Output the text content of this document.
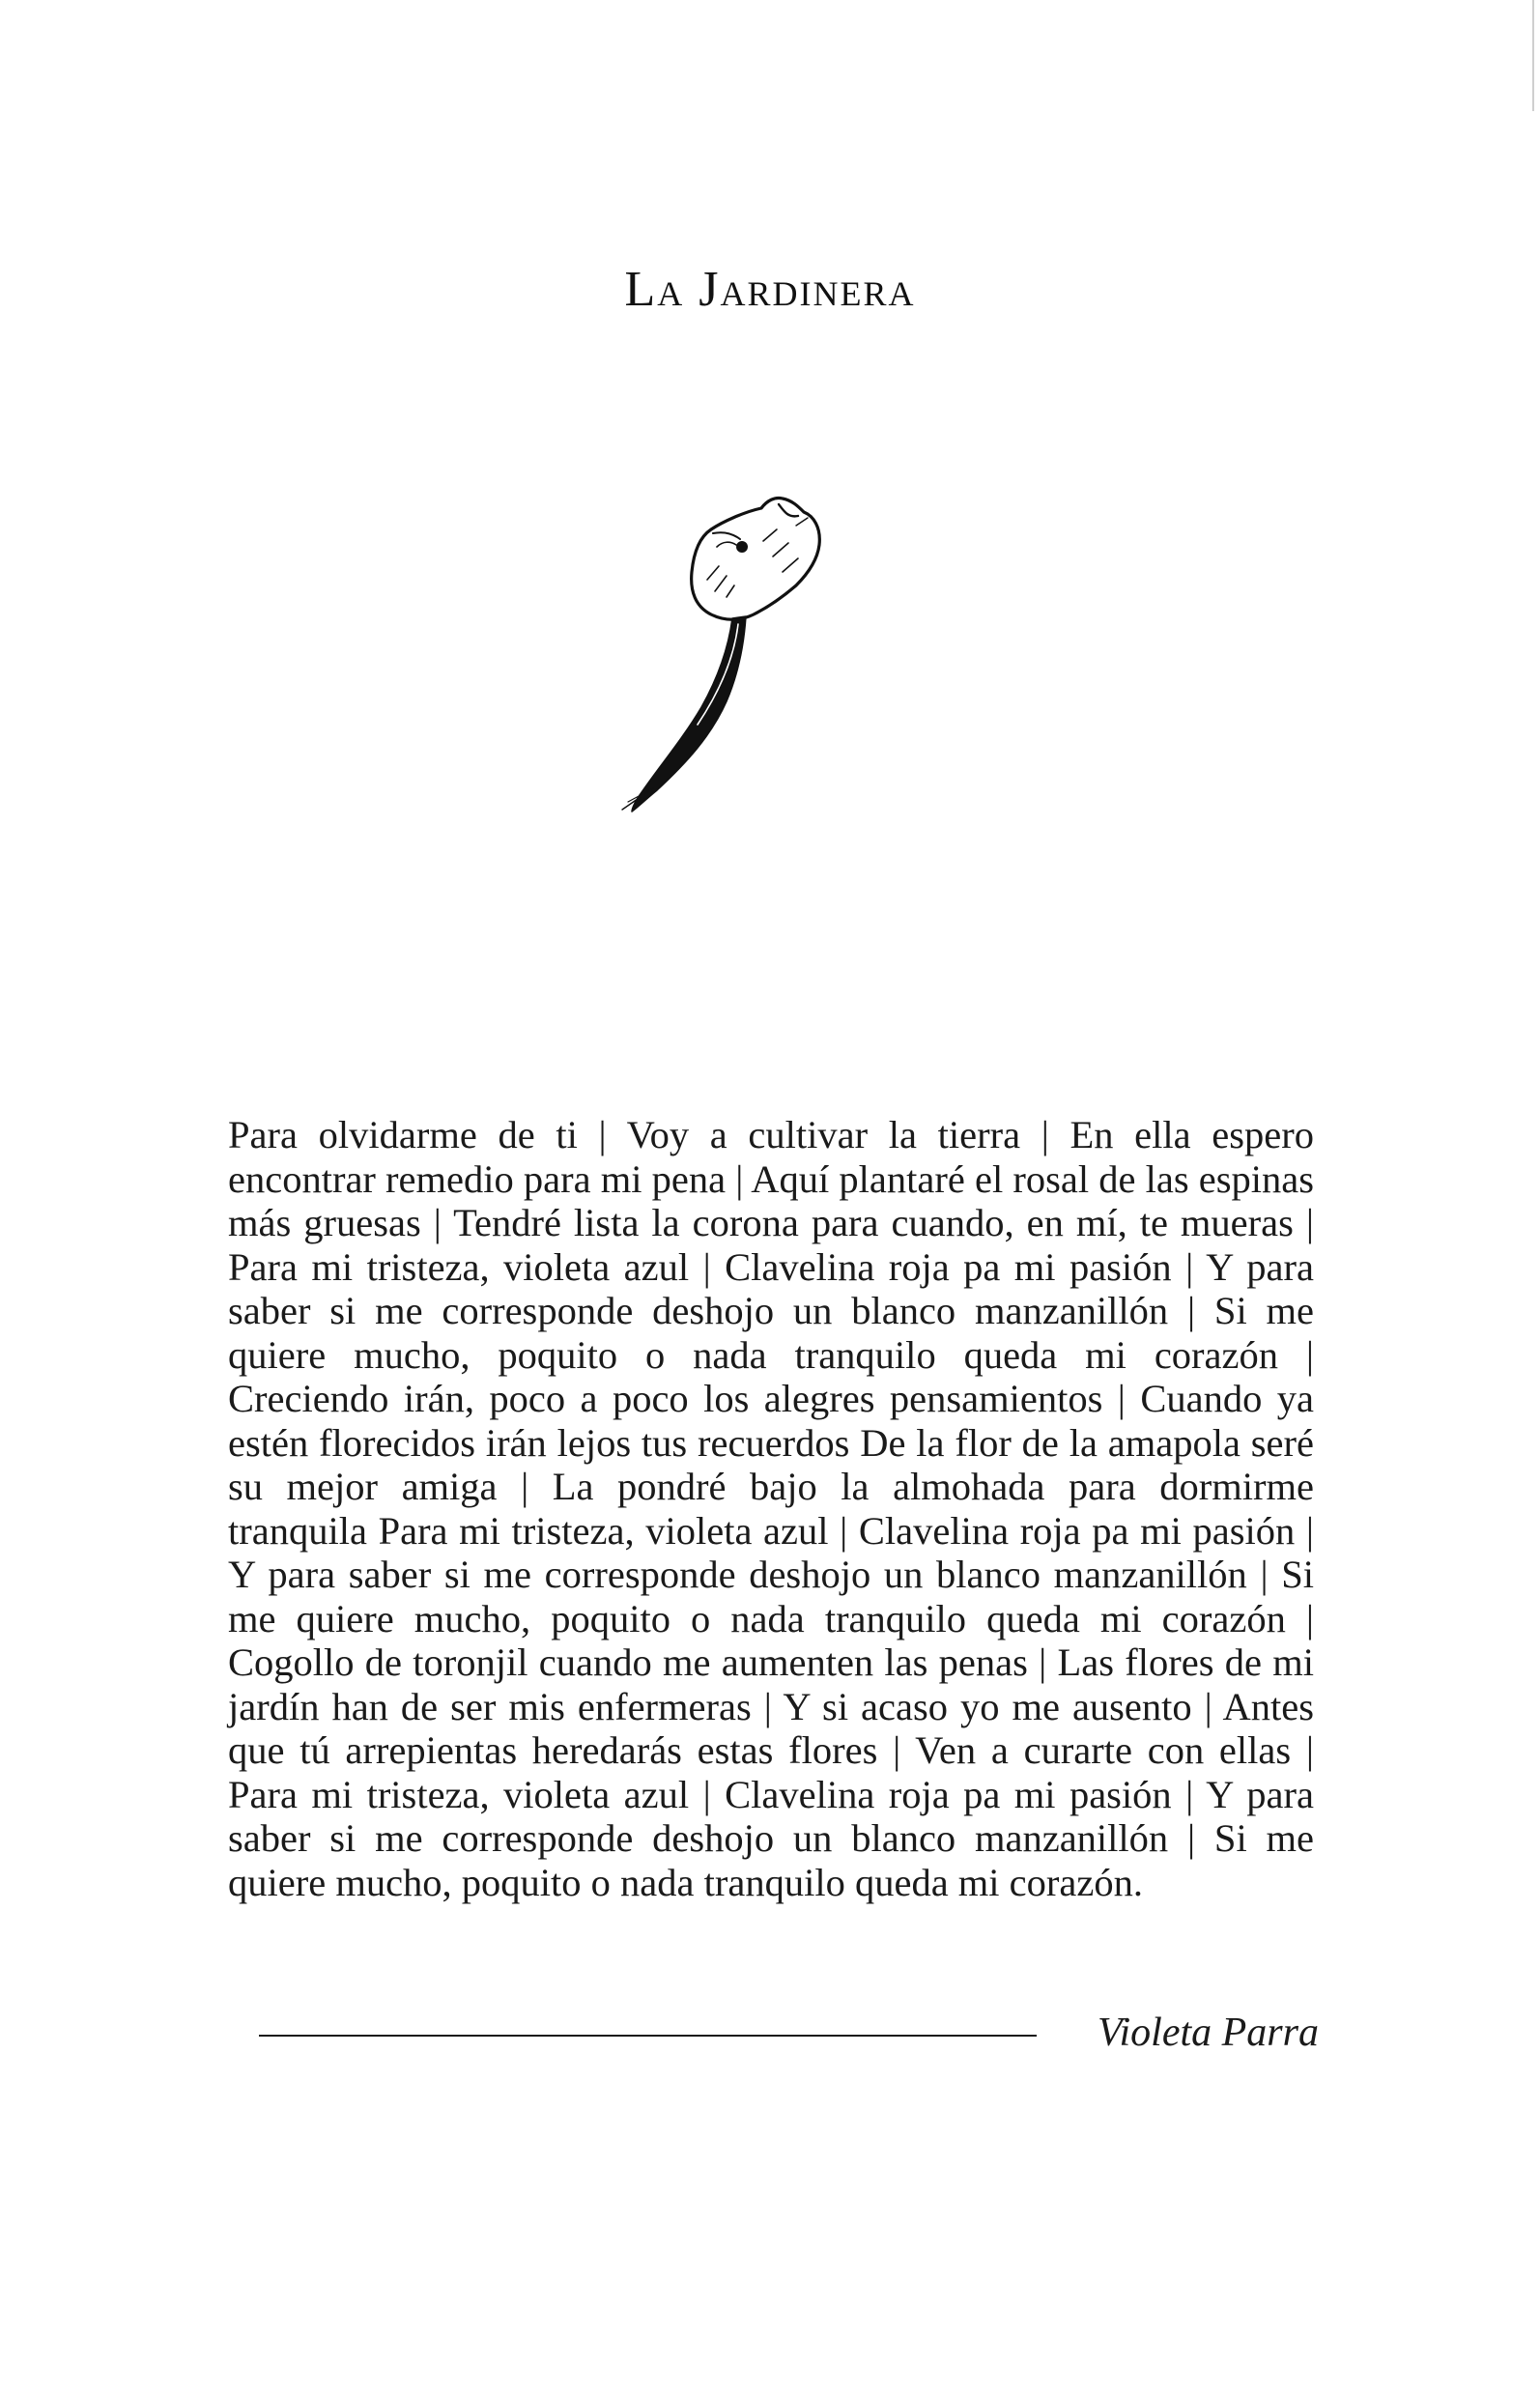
La Jardinera

Para olvidarme de ti | Voy a cultivar la tierra | En ella espero encontrar remedio para mi pena | Aquí plantaré el rosal de las espinas más gruesas | Tendré lista la corona para cuando, en mí, te mueras | Para mi tristeza, violeta azul | Clavelina roja pa mi pasión | Y para saber si me corresponde deshojo un blanco manzanillón | Si me quiere mucho, poquito o nada tranquilo queda mi corazón | Creciendo irán, poco a poco los alegres pensamientos | Cuando ya estén florecidos irán lejos tus recuerdos De la flor de la amapola seré su mejor amiga | La pondré bajo la almohada para dormirme tranquila Para mi tristeza, violeta azul | Clavelina roja pa mi pasión | Y para saber si me corresponde deshojo un blanco manzanillón | Si me quiere mucho, poquito o nada tranquilo queda mi corazón | Cogollo de toronjil cuando me aumenten las penas | Las flores de mi jardín han de ser mis enfermeras | Y si acaso yo me ausento | Antes que tú arrepientas heredarás estas flores | Ven a curarte con ellas | Para mi tristeza, violeta azul | Clavelina roja pa mi pasión | Y para saber si me corresponde deshojo un blanco manzanillón | Si me quiere mucho, poquito o nada tranquilo queda mi corazón.

Violeta Parra
